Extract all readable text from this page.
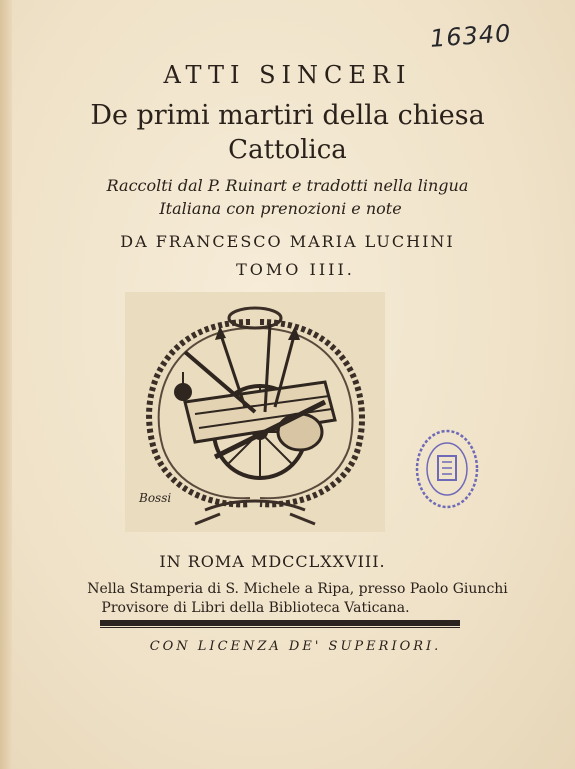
16340
ATTI SINCERI
De primi martiri della chiesa
Cattolica
Raccolti dal P. Ruinart e tradotti nella lingua
Italiana con prenozioni e note
DA FRANCESCO MARIA LUCHINI
TOMO IIII.
Bossi
IN ROMA MDCCLXXVIII.
Nella Stamperia di S. Michele a Ripa, presso Paolo Giunchi
Provisore di Libri della Biblioteca Vaticana.
CON LICENZA DE' SUPERIORI.
